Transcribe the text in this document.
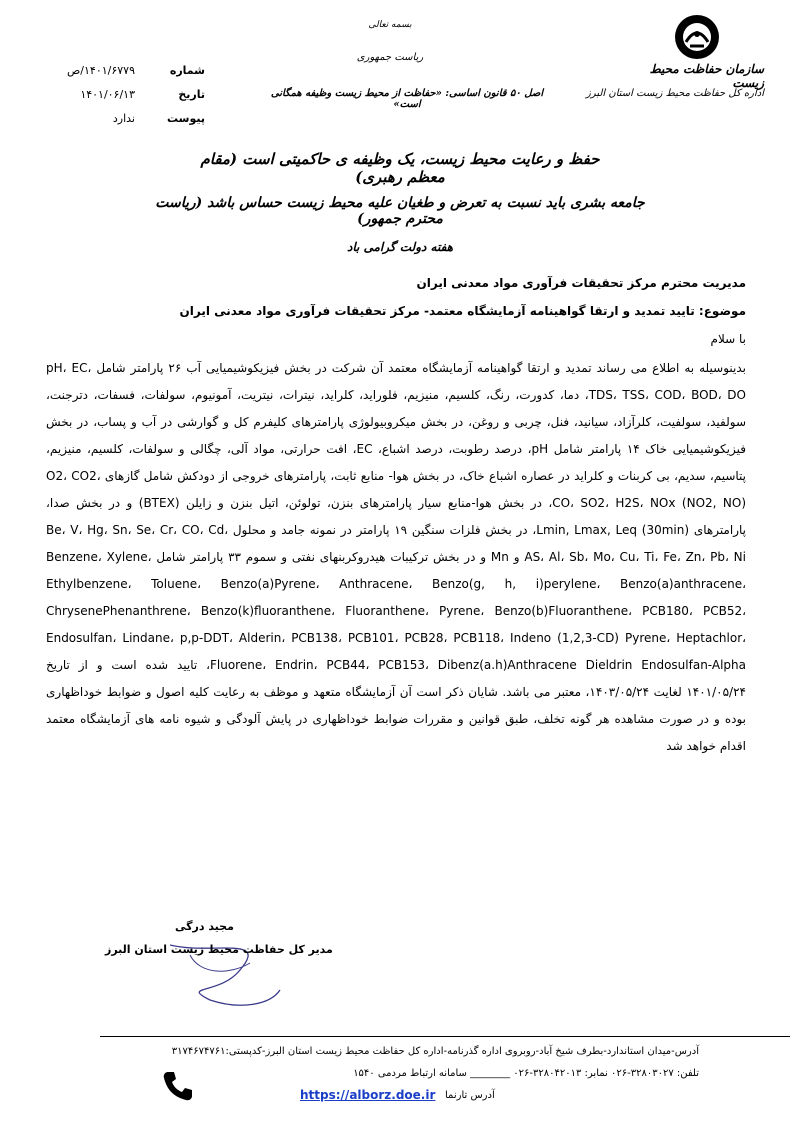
سازمان حفاظت محیط زیست
اداره کل حفاظت محیط زیست استان البرز
بسمه تعالی
ریاست جمهوری
اصل ۵۰ قانون اساسی: «حفاظت از محیط زیست وظیفه همگانی است»
شماره
۱۴۰۱/۶۷۷۹/ص
تاریخ
۱۴۰۱/۰۶/۱۳
پیوست
ندارد
حفظ و رعایت محیط زیست، یک وظیفه ی حاکمیتی است (مقام معظم رهبری)
جامعه بشری باید نسبت به تعرض و طغیان علیه محیط زیست حساس باشد (ریاست محترم جمهور)
هفته دولت گرامی باد
مدیریت محترم مرکز تحقیقات فرآوری مواد معدنی ایران
موضوع: تایید تمدید و ارتقا گواهینامه آزمایشگاه معتمد- مرکز تحقیقات فرآوری مواد معدنی ایران
با سلام
بدینوسیله به اطلاع می رساند تمدید و ارتقا گواهینامه آزمایشگاه معتمد آن شرکت در بخش فیزیکوشیمیایی آب ۲۶ پارامتر شامل pH، EC، TDS، TSS، COD، BOD، DO، دما، کدورت، رنگ، کلسیم، منیزیم، فلوراید، کلراید، نیترات، نیتریت، آمونیوم، سولفات، فسفات، دترجنت، سولفید، سولفیت، کلرآزاد، سیانید، فنل، چربی و روغن، در بخش میکروبیولوژی پارامترهای کلیفرم کل و گوارشی در آب و پساب، در بخش فیزیکوشیمیایی خاک ۱۴ پارامتر شامل pH، درصد رطوبت، درصد اشباع، EC، افت حرارتی، مواد آلی، چگالی و سولفات، کلسیم، منیزیم، پتاسیم، سدیم، بی کربنات و کلراید در عصاره اشباع خاک، در بخش هوا- منابع ثابت، پارامترهای خروجی از دودکش شامل گازهای O2، CO2، CO، SO2، H2S، NOx (NO2, NO)، در بخش هوا-منابع سیار پارامترهای بنزن، تولوئن، اتیل بنزن و زایلن (BTEX) و در بخش صدا، پارامترهای Lmin, Lmax, Leq (30min)، در بخش فلزات سنگین ۱۹ پارامتر در نمونه جامد و محلول Be، V، Hg، Sn، Se، Cr، CO، Cd، AS، Al، Sb، Mo، Cu، Ti، Fe، Zn، Pb، Ni و Mn و در بخش ترکیبات هیدروکربنهای نفتی و سموم ۳۳ پارامتر شامل Benzene، Xylene، Ethylbenzene، Toluene، Benzo(a)Pyrene، Anthracene، Benzo(g, h, i)perylene، Benzo(a)anthracene، ChrysenePhenanthrene، Benzo(k)fluoranthene، Fluoranthene، Pyrene، Benzo(b)Fluoranthene، PCB180، PCB52، Endosulfan، Lindane، p,p-DDT، Alderin، PCB138، PCB101، PCB28، PCB118، Indeno (1,2,3-CD) Pyrene، Heptachlor، Fluorene، Endrin، PCB44، PCB153، Dibenz(a.h)Anthracene Dieldrin Endosulfan-Alpha، تایید شده است و از تاریخ ۱۴۰۱/۰۵/۲۴ لغایت ۱۴۰۳/۰۵/۲۴، معتبر می باشد. شایان ذکر است آن آزمایشگاه متعهد و موظف به رعایت کلیه اصول و ضوابط خوداظهاری بوده و در صورت مشاهده هر گونه تخلف، طبق قوانین و مقررات ضوابط خوداظهاری در پایش آلودگی و شیوه نامه های آزمایشگاه معتمد اقدام خواهد شد
مجید درگی
مدیر کل حفاظت محیط زیست استان البرز
آدرس-میدان استاندارد-بطرف شیخ آباد-روبروی اداره گذرنامه-اداره کل حفاظت محیط زیست استان البرز-کدپستی:۳۱۷۴۶۷۴۷۶۱
تلفن: ۳۲۸۰۳۰۲۷-۰۲۶ نمابر: ۳۲۸۰۴۲۰۱۳-۰۲۶ ________ سامانه ارتباط مردمی ۱۵۴۰
آدرس تارنما
https://alborz.doe.ir
